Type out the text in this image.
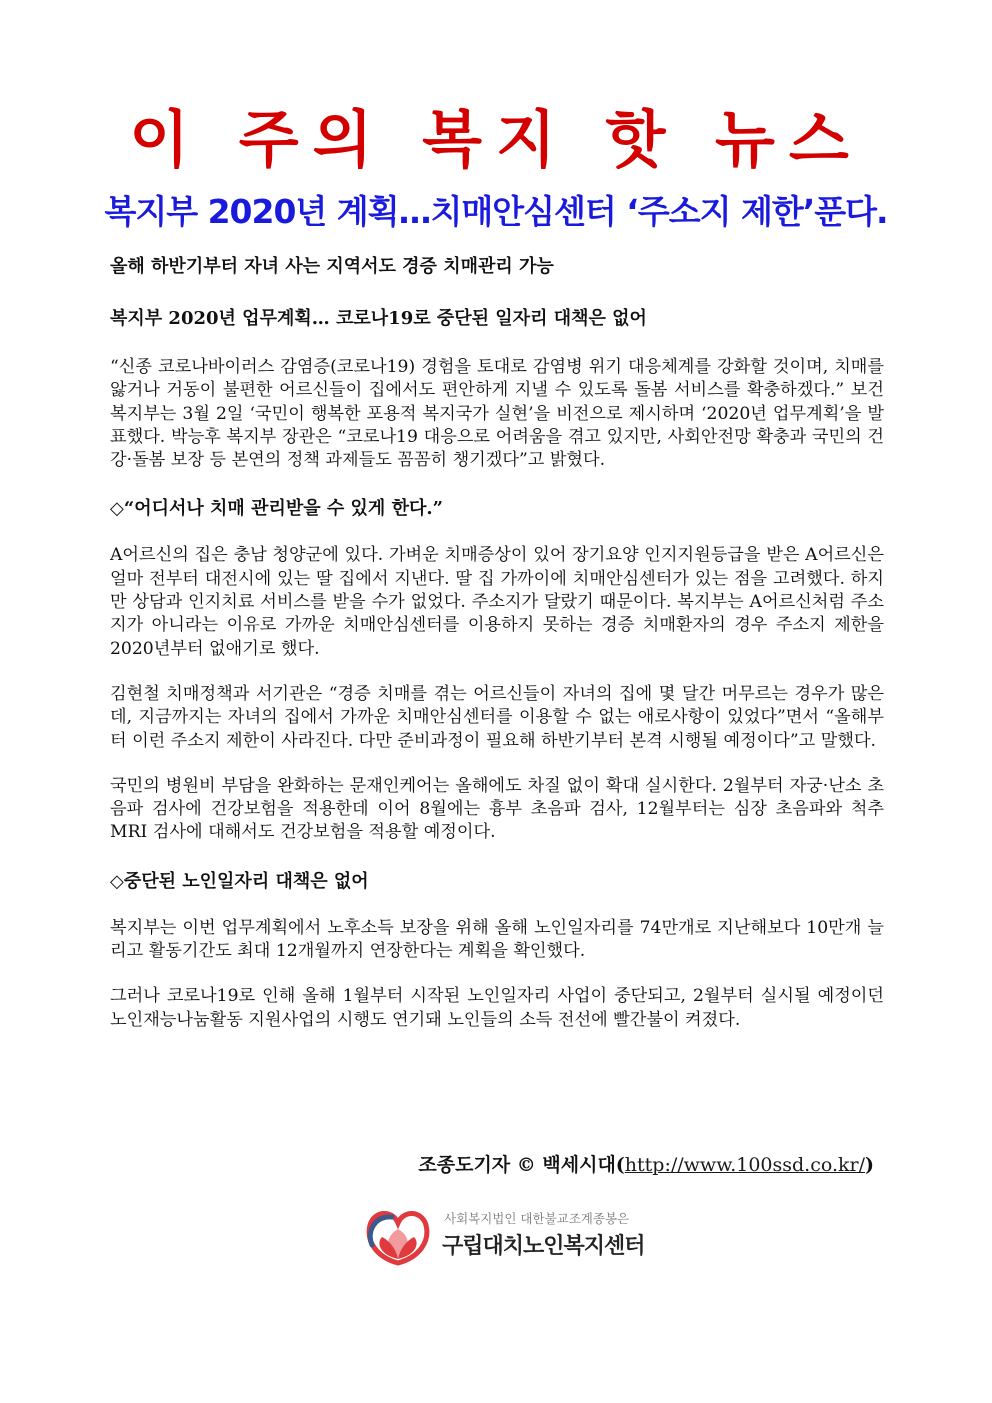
이 주의 복지 핫 뉴스
복지부 2020년 계획…치매안심센터 ‘주소지 제한’푼다.

올해 하반기부터 자녀 사는 지역서도 경증 치매관리 가능

복지부 2020년 업무계획… 코로나19로 중단된 일자리 대책은 없어

“신종 코로나바이러스 감염증(코로나19) 경험을 토대로 감염병 위기 대응체계를 강화할 것이며, 치매를 앓거나 거동이 불편한 어르신들이 집에서도 편안하게 지낼 수 있도록 돌봄 서비스를 확충하겠다.” 보건복지부는 3월 2일 ‘국민이 행복한 포용적 복지국가 실현’을 비전으로 제시하며 ‘2020년 업무계획’을 발표했다. 박능후 복지부 장관은 “코로나19 대응으로 어려움을 겪고 있지만, 사회안전망 확충과 국민의 건강·돌봄 보장 등 본연의 정책 과제들도 꼼꼼히 챙기겠다”고 밝혔다.

◇“어디서나 치매 관리받을 수 있게 한다.”

A어르신의 집은 충남 청양군에 있다. 가벼운 치매증상이 있어 장기요양 인지지원등급을 받은 A어르신은 얼마 전부터 대전시에 있는 딸 집에서 지낸다. 딸 집 가까이에 치매안심센터가 있는 점을 고려했다. 하지만 상담과 인지치료 서비스를 받을 수가 없었다. 주소지가 달랐기 때문이다. 복지부는 A어르신처럼 주소지가 아니라는 이유로 가까운 치매안심센터를 이용하지 못하는 경증 치매환자의 경우 주소지 제한을 2020년부터 없애기로 했다.

김현철 치매정책과 서기관은 “경증 치매를 겪는 어르신들이 자녀의 집에 몇 달간 머무르는 경우가 많은데, 지금까지는 자녀의 집에서 가까운 치매안심센터를 이용할 수 없는 애로사항이 있었다”면서 “올해부터 이런 주소지 제한이 사라진다. 다만 준비과정이 필요해 하반기부터 본격 시행될 예정이다”고 말했다.

국민의 병원비 부담을 완화하는 문재인케어는 올해에도 차질 없이 확대 실시한다. 2월부터 자궁·난소 초음파 검사에 건강보험을 적용한데 이어 8월에는 흉부 초음파 검사, 12월부터는 심장 초음파와 척추 MRI 검사에 대해서도 건강보험을 적용할 예정이다.

◇중단된 노인일자리 대책은 없어

복지부는 이번 업무계획에서 노후소득 보장을 위해 올해 노인일자리를 74만개로 지난해보다 10만개 늘리고 활동기간도 최대 12개월까지 연장한다는 계획을 확인했다.

그러나 코로나19로 인해 올해 1월부터 시작된 노인일자리 사업이 중단되고, 2월부터 실시될 예정이던 노인재능나눔활동 지원사업의 시행도 연기돼 노인들의 소득 전선에 빨간불이 켜졌다.

조종도기자 © 백세시대(http://www.100ssd.co.kr/)
사회복지법인 대한불교조계종봉은
구립대치노인복지센터
